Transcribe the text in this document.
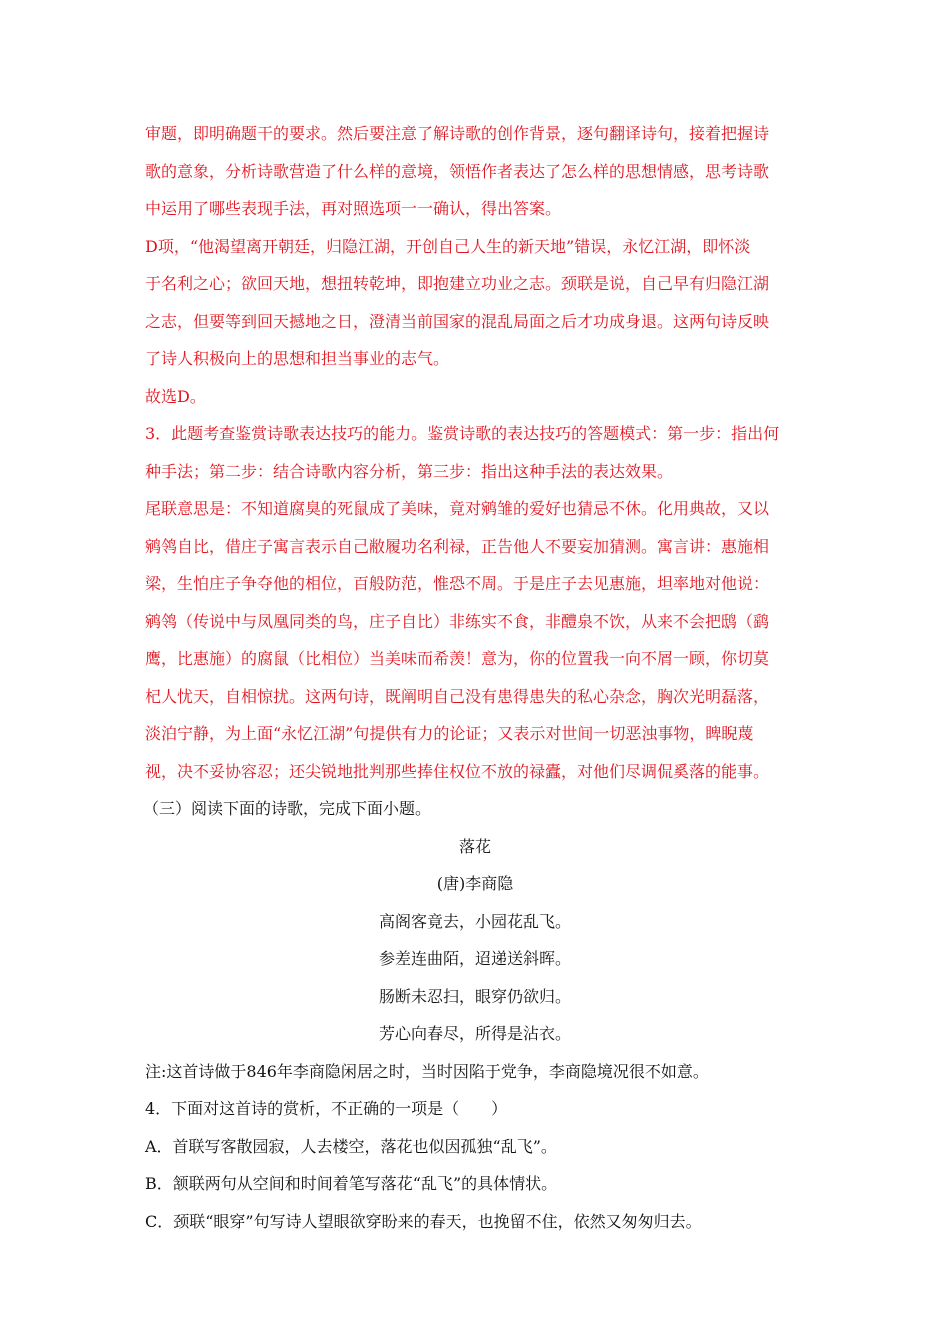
审题，即明确题干的要求。然后要注意了解诗歌的创作背景，逐句翻译诗句，接着把握诗
歌的意象，分析诗歌营造了什么样的意境，领悟作者表达了怎么样的思想情感，思考诗歌
中运用了哪些表现手法，再对照选项一一确认，得出答案。
D项，“他渴望离开朝廷，归隐江湖，开创自己人生的新天地”错误，永忆江湖，即怀淡
于名利之心；欲回天地，想扭转乾坤，即抱建立功业之志。颈联是说，自己早有归隐江湖
之志，但要等到回天撼地之日，澄清当前国家的混乱局面之后才功成身退。这两句诗反映
了诗人积极向上的思想和担当事业的志气。
故选D。
3．此题考查鉴赏诗歌表达技巧的能力。鉴赏诗歌的表达技巧的答题模式：第一步：指出何
种手法；第二步：结合诗歌内容分析，第三步：指出这种手法的表达效果。
尾联意思是：不知道腐臭的死鼠成了美味，竟对鹓雏的爱好也猜忌不休。化用典故，又以
鹓鸰自比，借庄子寓言表示自己敝履功名利禄，正告他人不要妄加猜测。寓言讲：惠施相
梁，生怕庄子争夺他的相位，百般防范，惟恐不周。于是庄子去见惠施，坦率地对他说：
鹓鸰（传说中与凤凰同类的鸟，庄子自比）非练实不食，非醴泉不饮，从来不会把鸱（鹞
鹰，比惠施）的腐鼠（比相位）当美味而希羡！意为，你的位置我一向不屑一顾，你切莫
杞人忧天，自相惊扰。这两句诗，既阐明自己没有患得患失的私心杂念，胸次光明磊落，
淡泊宁静，为上面“永忆江湖”句提供有力的论证；又表示对世间一切恶浊事物，睥睨蔑
视，决不妥协容忍；还尖锐地批判那些捧住权位不放的禄蠹，对他们尽调侃奚落的能事。
（三）阅读下面的诗歌，完成下面小题。
落花
(唐)李商隐
高阁客竟去，小园花乱飞。
参差连曲陌，迢递送斜晖。
肠断未忍扫，眼穿仍欲归。
芳心向春尽，所得是沾衣。
注:这首诗做于846年李商隐闲居之时，当时因陷于党争，李商隐境况很不如意。
4．下面对这首诗的赏析，不正确的一项是（　　）
A．首联写客散园寂，人去楼空，落花也似因孤独“乱飞”。
B．颔联两句从空间和时间着笔写落花“乱飞”的具体情状。
C．颈联“眼穿”句写诗人望眼欲穿盼来的春天，也挽留不住，依然又匆匆归去。
